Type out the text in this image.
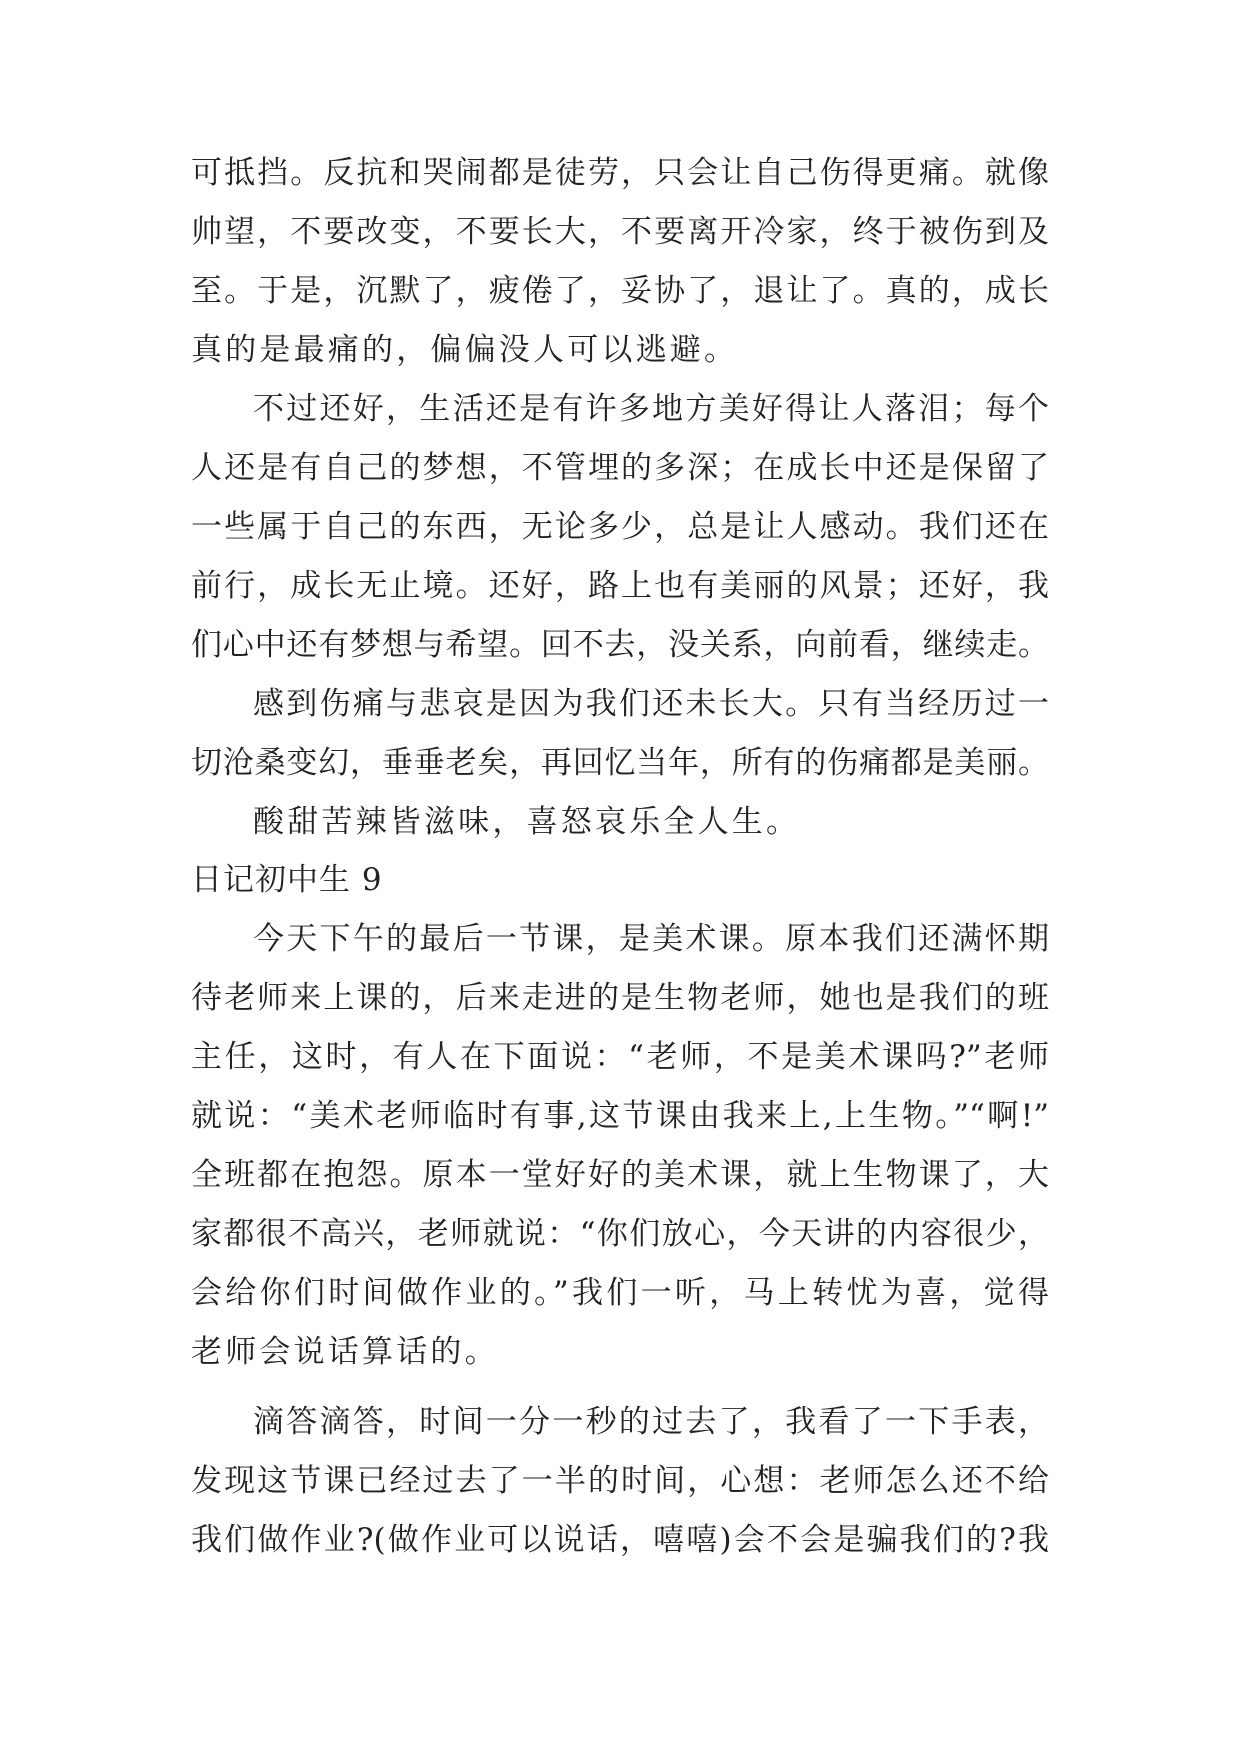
可抵挡。反抗和哭闹都是徒劳，只会让自己伤得更痛。就像
帅望，不要改变，不要长大，不要离开冷家，终于被伤到及
至。于是，沉默了，疲倦了，妥协了，退让了。真的，成长
真的是最痛的，偏偏没人可以逃避。
不过还好，生活还是有许多地方美好得让人落泪；每个
人还是有自己的梦想，不管埋的多深；在成长中还是保留了
一些属于自己的东西，无论多少，总是让人感动。我们还在
前行，成长无止境。还好，路上也有美丽的风景；还好，我
们心中还有梦想与希望。回不去，没关系，向前看，继续走。
感到伤痛与悲哀是因为我们还未长大。只有当经历过一
切沧桑变幻，垂垂老矣，再回忆当年，所有的伤痛都是美丽。
酸甜苦辣皆滋味，喜怒哀乐全人生。
日记初中生 9
今天下午的最后一节课，是美术课。原本我们还满怀期
待老师来上课的，后来走进的是生物老师，她也是我们的班
主任，这时，有人在下面说：“老师，不是美术课吗?”老师
就说：“美术老师临时有事,这节课由我来上,上生物。”“啊!”
全班都在抱怨。原本一堂好好的美术课，就上生物课了，大
家都很不高兴，老师就说：“你们放心，今天讲的内容很少，
会给你们时间做作业的。”我们一听，马上转忧为喜，觉得
老师会说话算话的。
滴答滴答，时间一分一秒的过去了，我看了一下手表，
发现这节课已经过去了一半的时间，心想：老师怎么还不给
我们做作业?(做作业可以说话，嘻嘻)会不会是骗我们的?我
